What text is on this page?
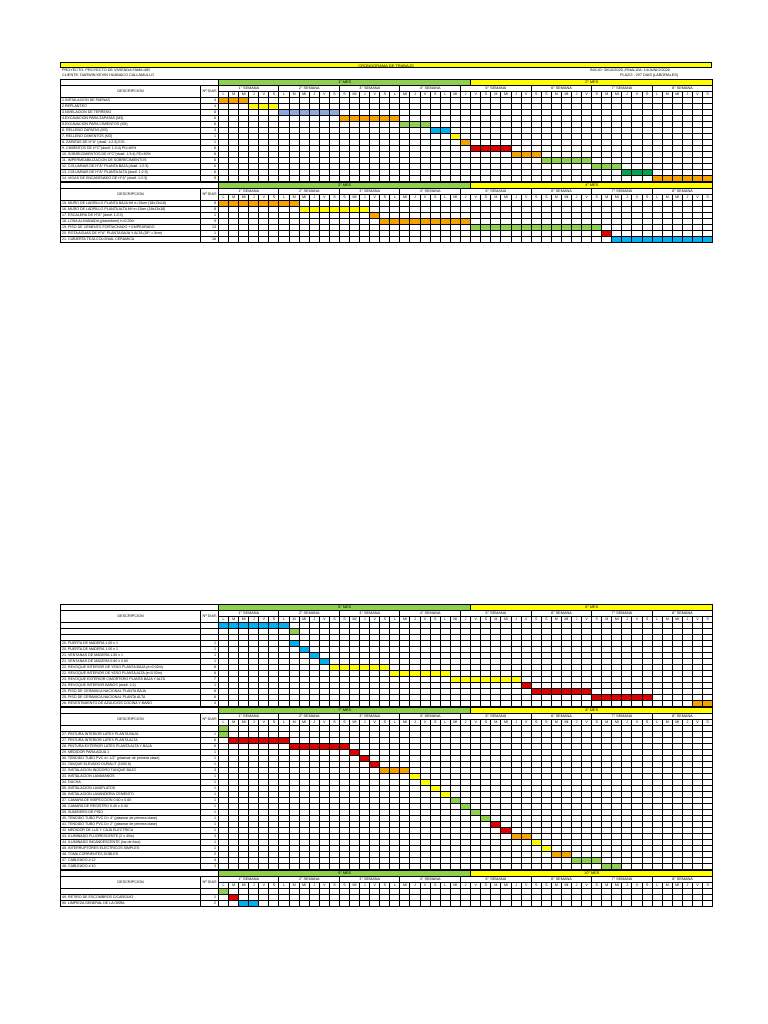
CRONOGRAMA DE TRABAJO
PROYECTO: PROYECTO DE VIVIENDA FAMILIAR
CLIENTE: DARWIN KEVIN HUANACO CALLAMULLO
INICIO: 30/10/2025 ;FINALIZA: 14/JUNIO/2026
PLAZO : 207 DIAS (LABORALES)
		1° MES																									2° MES																							
DESCRIPCION	Nº DIAS	1° SEMANA						2° SEMANA						3° SEMANA						4° SEMANA						5° SEMANA							6° SEMANA						7° SEMANA						8° SEMANA					
		L	M	MI	J	V	S	L	M	MI	J	V	S	S	MI	J	V	S	L	MI	J	V	S	L	MI	J	V	S	M	MI	J	V	S	S	M	MI	J	V	S	M	MI	J	V	S	L	M	MI	J	V	S
1.INSTALACION DE FAENAS	4																																																	
2.REPLANTEO	4																																																	
3.NIVELACION DE TERRENO	6																																																	
4.EXCAVACION PARA ZAPATAS (M3)	6																																																	
5.EXCAVACION PARA CIMIENTOS (M3)	6																																																	
6. RELLENO ZAPATAS (M3)	3																																																	
7. RELLENO CIMIENTOS (M3)	1																																																	
8. ZAPATAS DE H°A° (dosif. 1:2:3) E/G	1																																																	
9. CIMIENTOS DE H°C°(dosif. 1:3:4) PD=60%	6																																																	
10. SOBRECIMIENTOS DE H°C°(dosif. 1:3:4) PD=50%	6																																																	
11. IMPERMEABILIZACION DE SOBRECIMIENTOS	6																																																	
12. COLUMNAS DE H°A° PLANTA BAJA (dosif. 1:2:3)	6																																																	
13. COLUMNAS DE H°A° PLANTA ALTA (dosif. 1:2:3)	6																																																	
14. VIGAS DE ENCADENADO DE H°A° (dosif. 1:2:3)	5																																																	
		3° MES																									4° MES																							
DESCRIPCION	Nº DIAS	1° SEMANA						2° SEMANA						3° SEMANA						4° SEMANA						5° SEMANA							6° SEMANA						7° SEMANA						8° SEMANA					
		L	M	MI	J	V	S	L	M	MI	J	V	S	S	MI	J	V	S	L	MI	J	V	S	L	MI	J	V	S	M	MI	J	V	S	S	M	MI	J	V	S	M	MI	J	V	S	L	M	MI	J	V	S
15. MURO DE LADRILLO PLANTA BAJA 6H e=15cm (18x13x18)	8																																																	
16. MURO DE LADRILLO PLANTA ALTA 6H e=15cm (18x13x18)	8																																																	
17. ESCALERA DE H°A° (dosif. 1:2:3)	1																																																	
18. LOSA ALIVIANADA (plastoform) h=0.20m	9																																																	
19. PISO DE CEMENTO FORTACHADO + EMPEDRADO	13																																																	
20. ROTA AGUAS DE H°A° PLANTA BAJA Y ALTA (DP. = 5cm)	1																																																	
21. CUBIERTA TEJA COLONIAL CERAMICA	16																																																	
		5° MES																									6° MES																							
DESCRIPCION	Nº DIAS	1° SEMANA						2° SEMANA						3° SEMANA						4° SEMANA						5° SEMANA							6° SEMANA						7° SEMANA						8° SEMANA					
		L	M	MI	J	V	S	L	M	MI	J	V	S	S	MI	J	V	S	L	MI	J	V	S	L	MI	J	V	S	M	MI	J	V	S	S	M	MI	J	V	S	M	MI	J	V	S	L	M	MI	J	V	S

20. PUERTA DE MADERA 1.00 x 1	1																																																	
20. PUERTA DE MADERA 1.00 x 1	1																																																	
21. VENTANAS DE MADERA 1.50 x 1	1																																																	
21. VENTANAS DE MADERA 0.60 x 0.60	1																																																	
22. REVOQUE INTERIOR DE YESO PLANTA BAJA (e=0.02m)	6																																																	
22. REVOQUE INTERIOR DE YESO PLANTA ALTA (e=0.02m)	6																																																	
23. REVOQUE EXTERIOR C/MORTERO PLANTA BAJA Y ALTA	7																																																	
24. REVOQUE INTERIOR BAÑOS (dosif. 1:2)	1																																																	
25. PISO DE CERAMICA NACIONAL PLANTA BAJA	6																																																	
25. PISO DE CERAMICA NACIONAL PLANTA ALTA	6																																																	
26. REVESTIMIENTO DE AZULEJOS COCINA Y BAÑO	4																																																	
		7° MES																									8° MES																							
DESCRIPCION	Nº DIAS	1° SEMANA						2° SEMANA						3° SEMANA						4° SEMANA						5° SEMANA							6° SEMANA						7° SEMANA						8° SEMANA					
		L	M	MI	J	V	S	L	M	MI	J	V	S	S	MI	J	V	S	L	MI	J	V	S	L	MI	J	V	S	M	MI	J	V	S	S	M	MI	J	V	S	M	MI	J	V	S	L	M	MI	J	V	S

27. PINTURA INTERIOR LATEX PLANTA BAJA	1																																																	
27. PINTURA INTERIOR LATEX PLANTA ALTA	6																																																	
28. PINTURA EXTERIOR LATEX PLANTA ALTA Y BAJA	6																																																	
29. MEDIDOR PARA AGUA 1	1																																																	
30. TENDIDO TUBO PVC d= 1/2" (plasmar de primera clase)	1																																																	
31. TANQUE ELEVADO DURALIT (1000 lt)	1																																																	
32. INSTALACION INODORO TANQUE BAJO	3																																																	
33. INSTALACION LAVAMANOS	1																																																	
34. DUCHA	1																																																	
35. INSTALACION LAVAPLATOS	1																																																	
36. INSTALACION LAVANDERIA CEMENTO	1																																																	
37. CAMARA DE INSPECCION 0.60 x 0.60	1																																																	
38. CAMARA DE REGISTRO 0.40 x 0.40	1																																																	
39. SUMIDERO DE PISO	1																																																	
40. TENDIDO TUBO PVC D= 4" (plasmar de primera clase)	1																																																	
41. TENDIDO TUBO PVC D= 2" (plasmar de primera clase)	1																																																	
42. MEDIDOR DE LUZ Y CAJA ELECTRICA	1																																																	
43. ILUMINADO FLUORESCENTE (2 x 40w)	3																																																	
44. ILUMINADO INCANDESCENTE (luz de foco)	1																																																	
45. INTERRUPTORES ELECTRICOS SIMPLES	1																																																	
46. TOMA CORRIENTES DOBLES	2																																																	
47. CABLEADO # 12	4																																																	
48. CABLEADO # 10	3																																																	
		9° MES																									10° MES																							
DESCRIPCION	Nº DIAS	1° SEMANA						2° SEMANA						3° SEMANA						4° SEMANA						5° SEMANA							6° SEMANA						7° SEMANA						8° SEMANA					
		L	M	MI	J	V	S	L	M	MI	J	V	S	S	MI	J	V	S	L	MI	J	V	S	L	MI	J	V	S	M	MI	J	V	S	S	M	MI	J	V	S	M	MI	J	V	S	L	M	MI	J	V	S

49. RETIRO DE ESCOMBROS C/CARGUIO	1																																																	
50. LIMPIEZA GENERAL DE LA OBRA	2																																																	
